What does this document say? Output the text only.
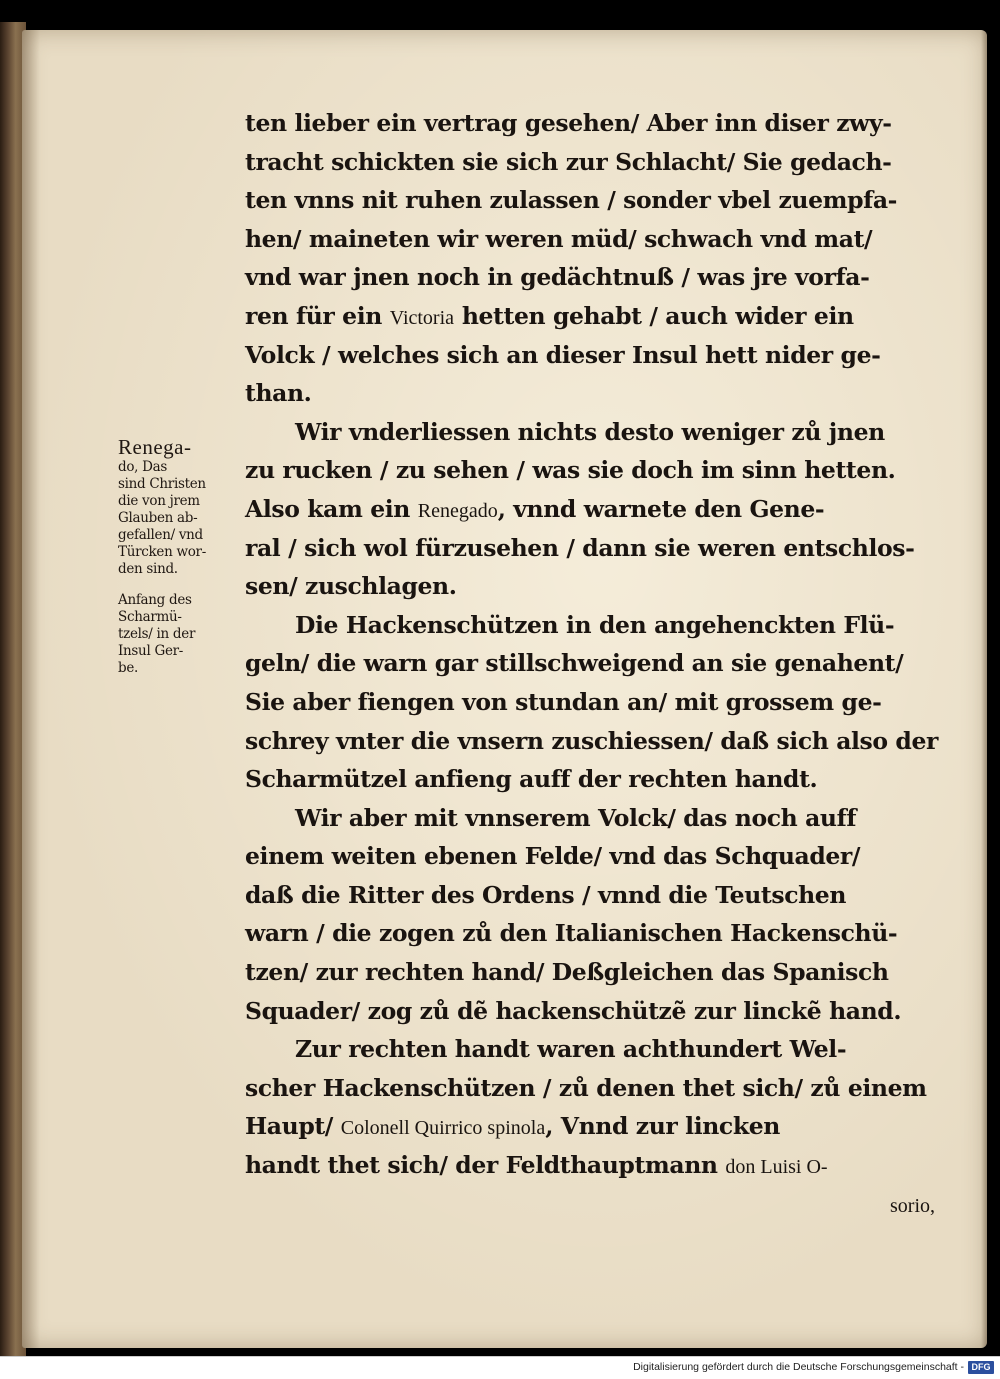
Renega-
do, Das
sind Christen
die von jrem
Glauben ab-
gefallen/ vnd
Türcken wor-
den sind.
Anfang des
Scharmü-
tzels/ in der
Insul Ger-
be.
ten lieber ein vertrag gesehen/ Aber inn diser zwy-
tracht schickten sie sich zur Schlacht/ Sie gedach-
ten vnns nit ruhen zulassen / sonder vbel zuempfa-
hen/ maineten wir weren müd/ schwach vnd mat/
vnd war jnen noch in gedächtnuß / was jre vorfa-
ren für ein Victoria hetten gehabt / auch wider ein
Volck / welches sich an dieser Insul hett nider ge-
than.
Wir vnderliessen nichts desto weniger zů jnen
zu rucken / zu sehen / was sie doch im sinn hetten.
Also kam ein Renegado, vnnd warnete den Gene-
ral / sich wol fürzusehen / dann sie weren entschlos-
sen/ zuschlagen.
Die Hackenschützen in den angehenckten Flü-
geln/ die warn gar stillschweigend an sie genahent/
Sie aber fiengen von stundan an/ mit grossem ge-
schrey vnter die vnsern zuschiessen/ daß sich also der
Scharmützel anfieng auff der rechten handt.
Wir aber mit vnnserem Volck/ das noch auff
einem weiten ebenen Felde/ vnd das Schquader/
daß die Ritter des Ordens / vnnd die Teutschen
warn / die zogen zů den Italianischen Hackenschü-
tzen/ zur rechten hand/ Deßgleichen das Spanisch
Squader/ zog zů dẽ hackenschützẽ zur linckẽ hand.
Zur rechten handt waren achthundert Wel-
scher Hackenschützen / zů denen thet sich/ zů einem
Haupt/ Colonell Quirrico spinola, Vnnd zur lincken
handt thet sich/ der Feldthauptmann don Luisi O-
sorio,
Digitalisierung gefördert durch die Deutsche Forschungsgemeinschaft - DFG
